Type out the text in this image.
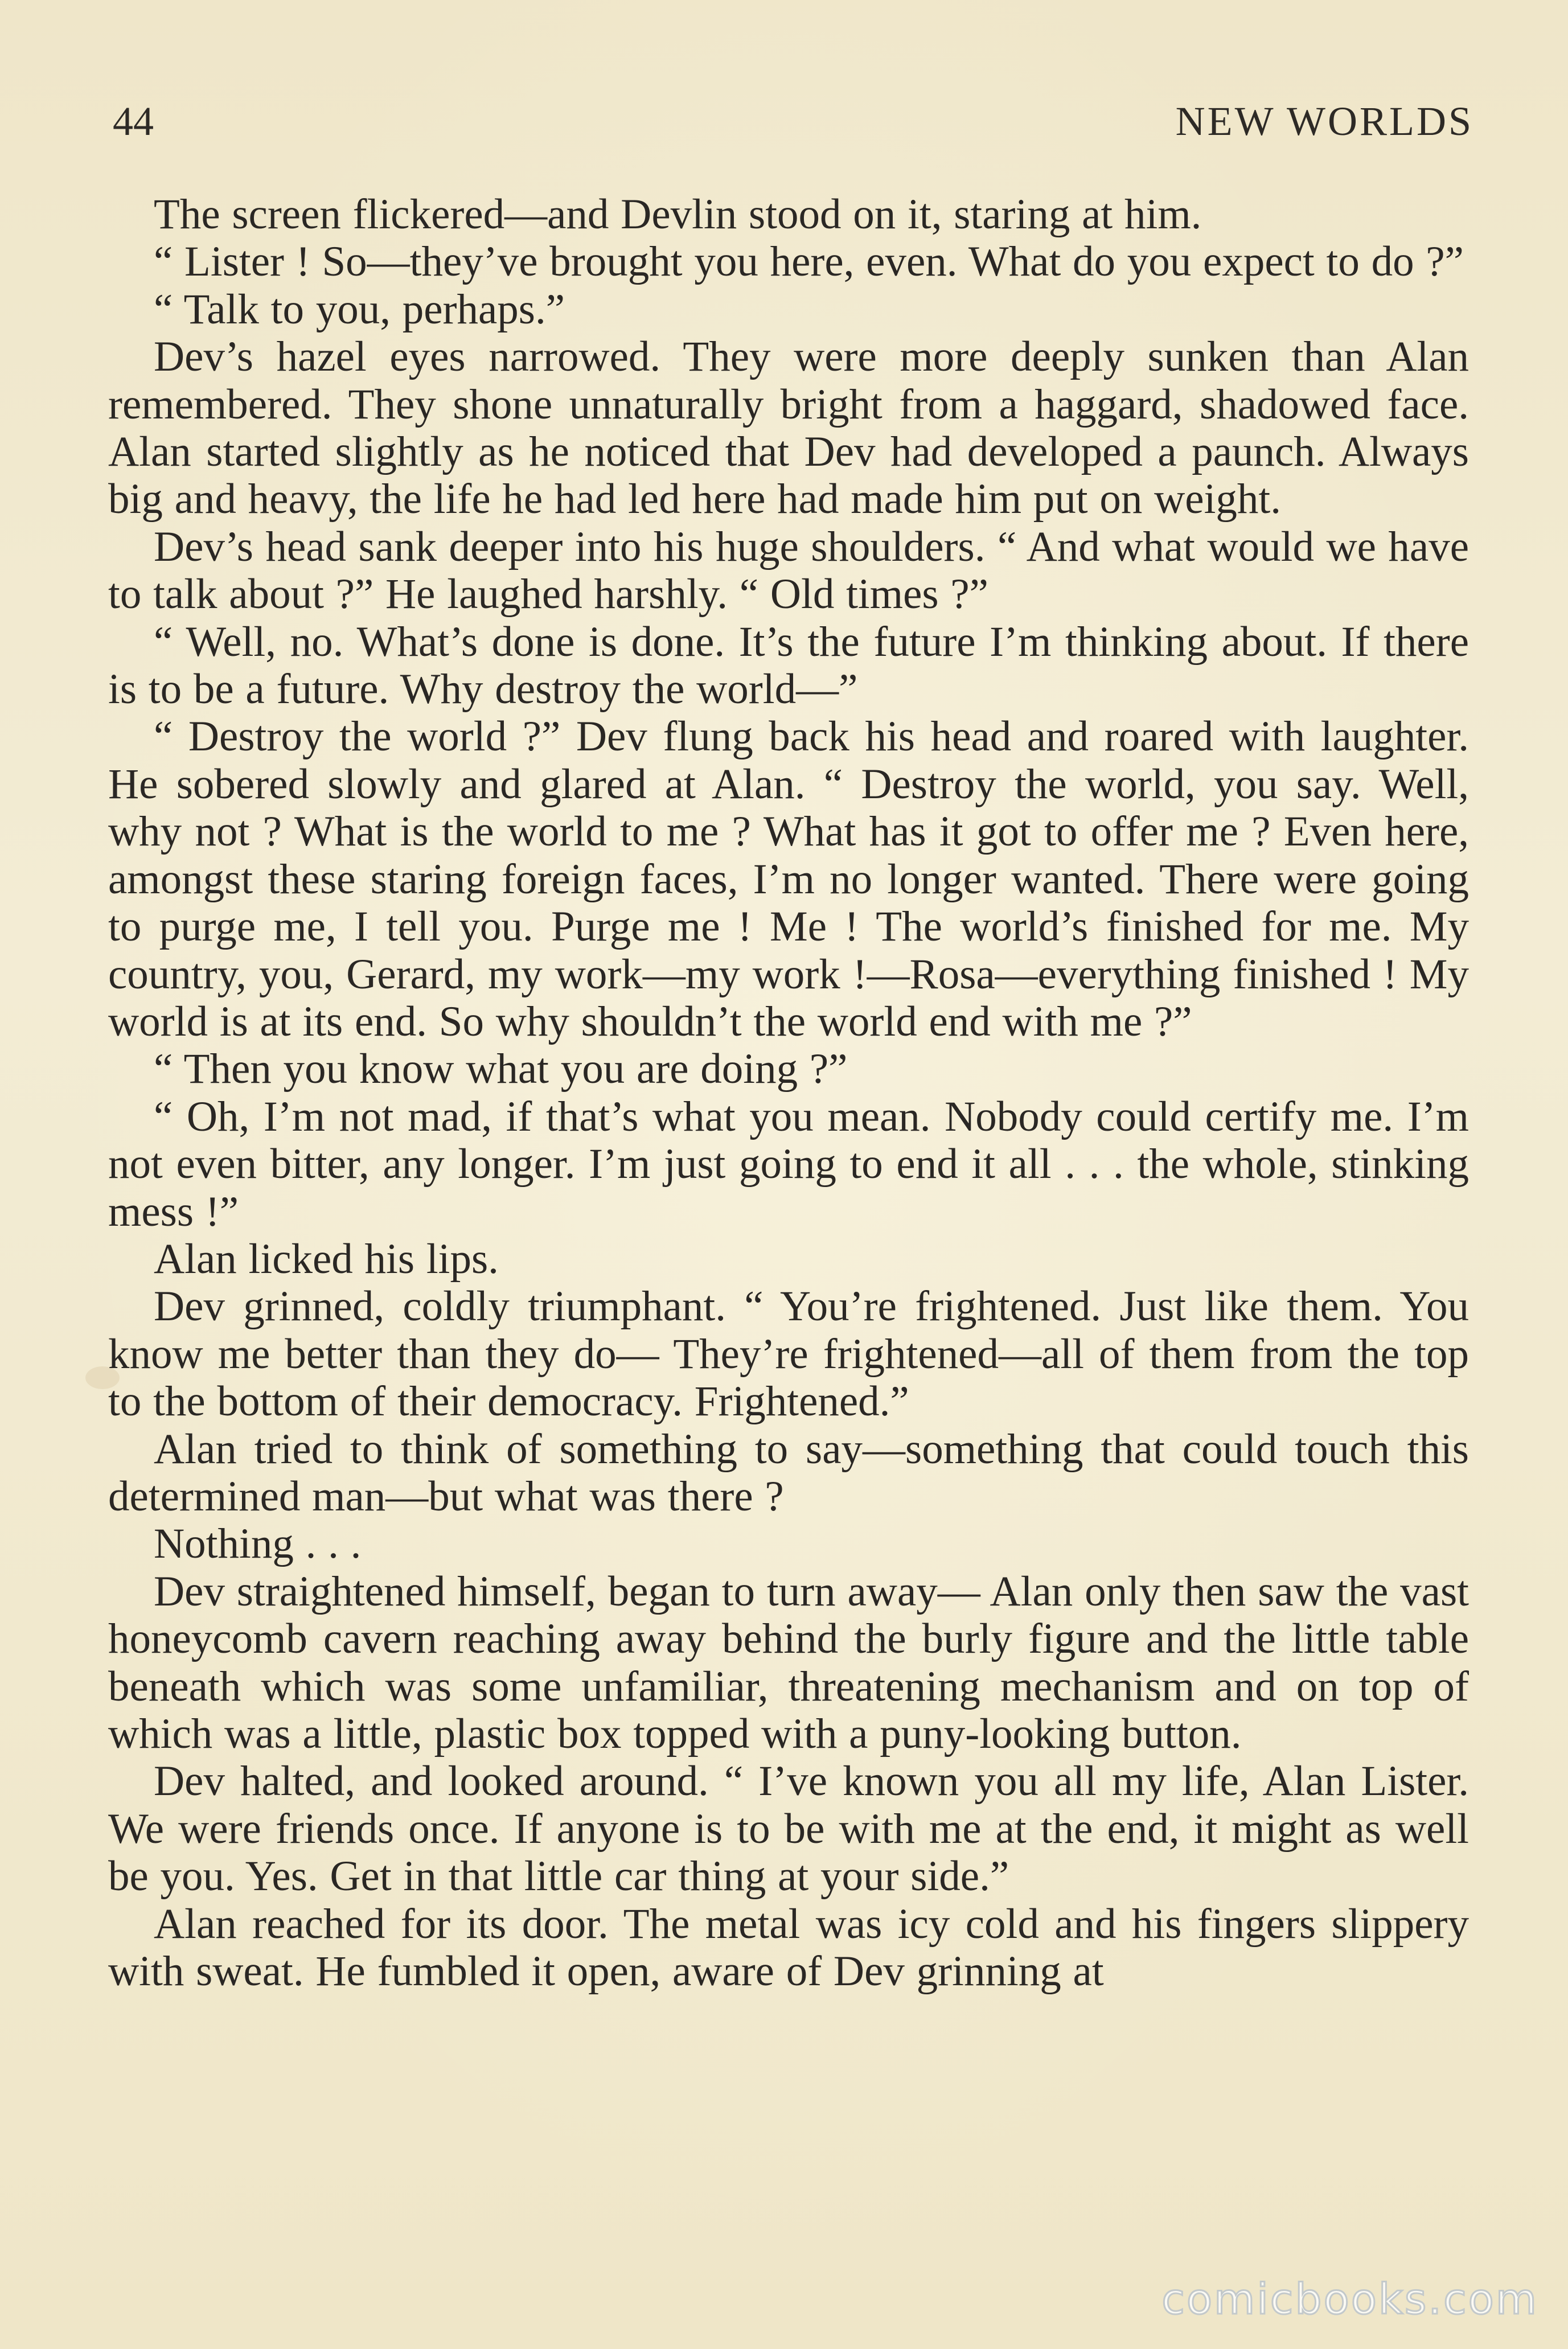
44	NEW WORLDS

The screen flickered—and Devlin stood on it, staring at him.

“ Lister ! So—they’ve brought you here, even. What do you expect to do ?”

“ Talk to you, perhaps.”

Dev’s hazel eyes narrowed. They were more deeply sunken than Alan remembered. They shone unnaturally bright from a haggard, shadowed face. Alan started slightly as he noticed that Dev had developed a paunch. Always big and heavy, the life he had led here had made him put on weight.

Dev’s head sank deeper into his huge shoulders. “ And what would we have to talk about ?” He laughed harshly. “ Old times ?”

“ Well, no. What’s done is done. It’s the future I’m thinking about. If there is to be a future. Why destroy the world—”

“ Destroy the world ?” Dev flung back his head and roared with laughter. He sobered slowly and glared at Alan. “ Destroy the world, you say. Well, why not ? What is the world to me ? What has it got to offer me ? Even here, amongst these staring foreign faces, I’m no longer wanted. There were going to purge me, I tell you. Purge me ! Me ! The world’s finished for me. My country, you, Gerard, my work—my work !—Rosa—everything finished ! My world is at its end. So why shouldn’t the world end with me ?”

“ Then you know what you are doing ?”

“ Oh, I’m not mad, if that’s what you mean. Nobody could certify me. I’m not even bitter, any longer. I’m just going to end it all . . . the whole, stinking mess !”

Alan licked his lips.

Dev grinned, coldly triumphant. “ You’re frightened. Just like them. You know me better than they do— They’re frightened—all of them from the top to the bottom of their democracy. Frightened.”

Alan tried to think of something to say—something that could touch this determined man—but what was there ?

Nothing . . .

Dev straightened himself, began to turn away— Alan only then saw the vast honeycomb cavern reaching away behind the burly figure and the little table beneath which was some unfamiliar, threatening mechanism and on top of which was a little, plastic box topped with a puny-looking button.

Dev halted, and looked around. “ I’ve known you all my life, Alan Lister. We were friends once. If anyone is to be with me at the end, it might as well be you. Yes. Get in that little car thing at your side.”

Alan reached for its door. The metal was icy cold and his fingers slippery with sweat. He fumbled it open, aware of Dev grinning at

comicbooks.com
